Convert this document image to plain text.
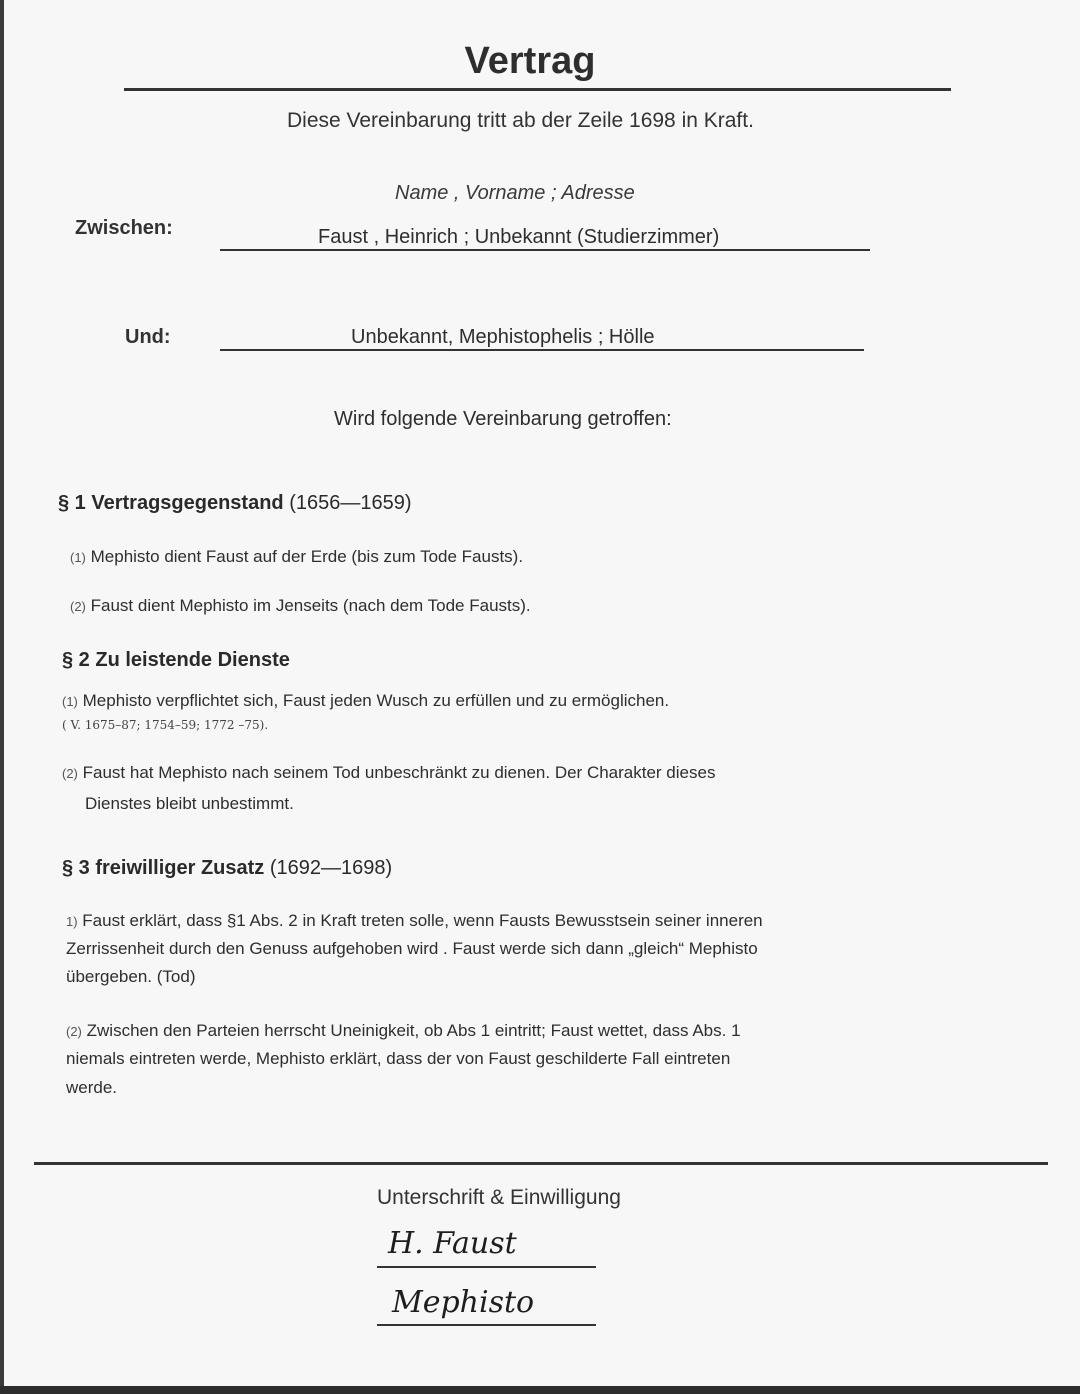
Vertrag
Diese Vereinbarung tritt ab der Zeile 1698 in Kraft.
Name , Vorname ; Adresse
Zwischen:	Faust , Heinrich ; Unbekannt (Studierzimmer)
Und:	Unbekannt, Mephistophelis ; Hölle
Wird folgende Vereinbarung getroffen:
§ 1 Vertragsgegenstand (1656—1659)
(1) Mephisto dient Faust auf der Erde (bis zum Tode Fausts).
(2) Faust dient Mephisto im Jenseits (nach dem Tode Fausts).
§ 2 Zu leistende Dienste
(1) Mephisto verpflichtet sich, Faust jeden Wusch zu erfüllen und zu ermöglichen.
( V. 1675–87; 1754–59; 1772 –75).
(2) Faust hat Mephisto nach seinem Tod unbeschränkt zu dienen. Der Charakter dieses
Dienstes bleibt unbestimmt.
§ 3 freiwilliger Zusatz (1692—1698)
1) Faust erklärt, dass §1 Abs. 2 in Kraft treten solle, wenn Fausts Bewusstsein seiner inneren
Zerrissenheit durch den Genuss aufgehoben wird . Faust werde sich dann „gleich“ Mephisto
übergeben. (Tod)
(2) Zwischen den Parteien herrscht Uneinigkeit, ob Abs 1 eintritt; Faust wettet, dass Abs. 1
niemals eintreten werde, Mephisto erklärt, dass der von Faust geschilderte Fall eintreten
werde.
Unterschrift & Einwilligung
H. Faust
Mephisto
